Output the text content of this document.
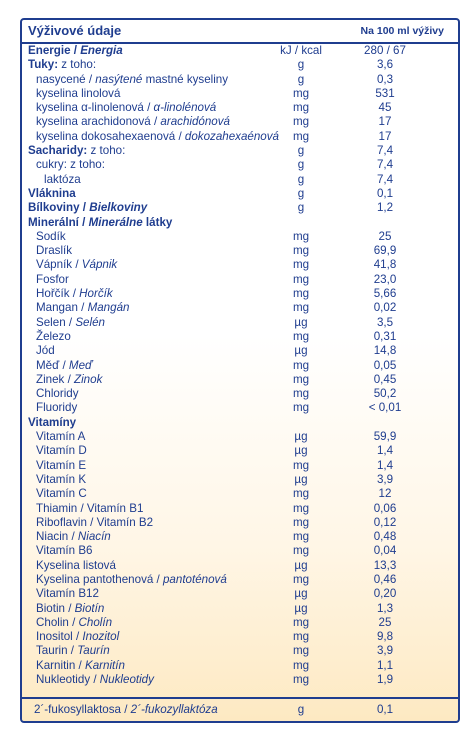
Výživové údaje	Na 100 ml výživy
Energie / Energia	kJ / kcal	280 / 67
Tuky: z toho:	g	3,6
nasycené / nasýtené mastné kyseliny	g	0,3
kyselina linolová	mg	531
kyselina α-linolenová / α-linolénová	mg	45
kyselina arachidonová / arachidónová	mg	17
kyselina dokosahexaenová / dokozahexaénová	mg	17
Sacharidy: z toho:	g	7,4
cukry: z toho:	g	7,4
laktóza	g	7,4
Vláknina	g	0,1
Bílkoviny / Bielkoviny	g	1,2
Minerální / Minerálne látky
Sodík	mg	25
Draslík	mg	69,9
Vápník / Vápnik	mg	41,8
Fosfor	mg	23,0
Hořčík / Horčík	mg	5,66
Mangan / Mangán	mg	0,02
Selen / Selén	µg	3,5
Železo	mg	0,31
Jód	µg	14,8
Měď / Meď	mg	0,05
Zinek / Zinok	mg	0,45
Chloridy	mg	50,2
Fluoridy	mg	< 0,01
Vitamíny
Vitamín A	µg	59,9
Vitamín D	µg	1,4
Vitamín E	mg	1,4
Vitamín K	µg	3,9
Vitamín C	mg	12
Thiamin / Vitamín B1	mg	0,06
Riboflavin / Vitamín B2	mg	0,12
Niacin / Niacín	mg	0,48
Vitamín B6	mg	0,04
Kyselina listová	µg	13,3
Kyselina pantothenová / pantoténová	mg	0,46
Vitamín B12	µg	0,20
Biotin / Biotín	µg	1,3
Cholin / Cholín	mg	25
Inositol / Inozitol	mg	9,8
Taurin / Taurín	mg	3,9
Karnitin / Karnitín	mg	1,1
Nukleotidy / Nukleotidy	mg	1,9
2´-fukosyllaktosa / 2´-fukozyllaktóza	g	0,1
